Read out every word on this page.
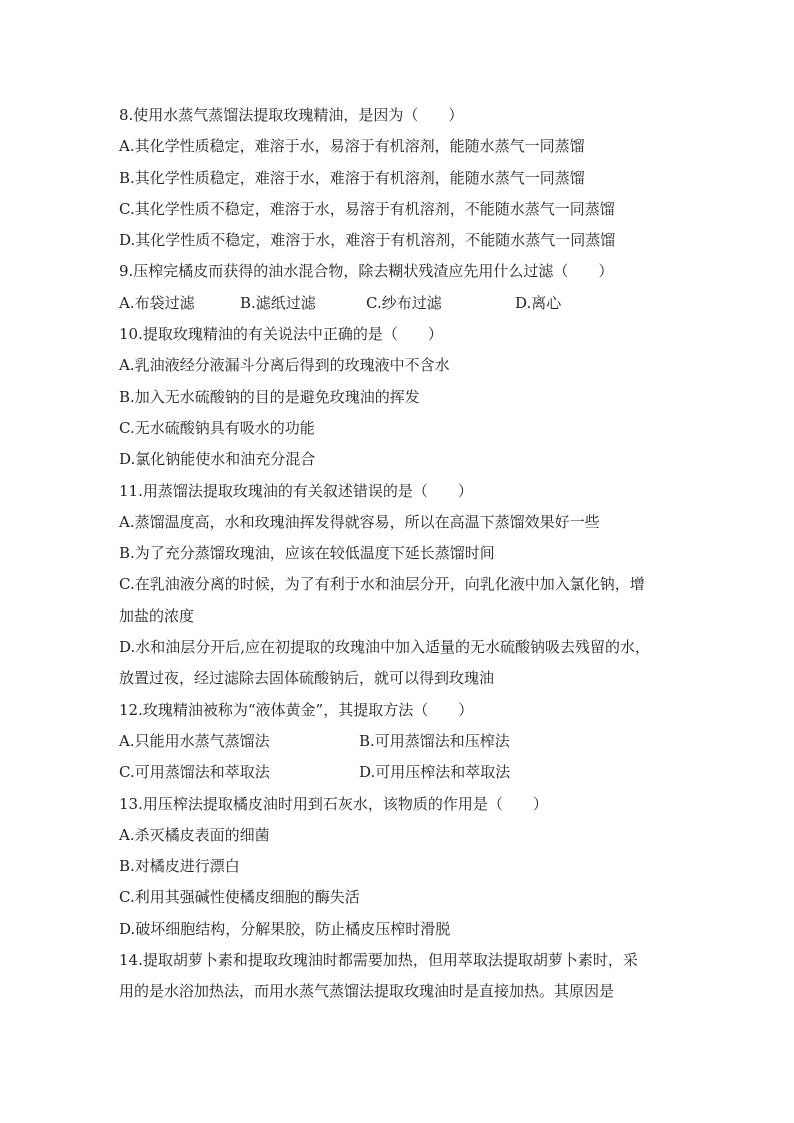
8.使用水蒸气蒸馏法提取玫瑰精油，是因为（　　）
A.其化学性质稳定，难溶于水，易溶于有机溶剂，能随水蒸气一同蒸馏
B.其化学性质稳定，难溶于水，难溶于有机溶剂，能随水蒸气一同蒸馏
C.其化学性质不稳定，难溶于水，易溶于有机溶剂，不能随水蒸气一同蒸馏
D.其化学性质不稳定，难溶于水，难溶于有机溶剂，不能随水蒸气一同蒸馏
9.压榨完橘皮而获得的油水混合物，除去糊状残渣应先用什么过滤（　　）
A.布袋过滤	B.滤纸过滤	C.纱布过滤	D.离心
10.提取玫瑰精油的有关说法中正确的是（　　）
A.乳油液经分液漏斗分离后得到的玫瑰液中不含水
B.加入无水硫酸钠的目的是避免玫瑰油的挥发
C.无水硫酸钠具有吸水的功能
D.氯化钠能使水和油充分混合
11.用蒸馏法提取玫瑰油的有关叙述错误的是（　　）
A.蒸馏温度高，水和玫瑰油挥发得就容易，所以在高温下蒸馏效果好一些
B.为了充分蒸馏玫瑰油，应该在较低温度下延长蒸馏时间
C.在乳油液分离的时候，为了有利于水和油层分开，向乳化液中加入氯化钠，增
加盐的浓度
D.水和油层分开后,应在初提取的玫瑰油中加入适量的无水硫酸钠吸去残留的水，
放置过夜，经过滤除去固体硫酸钠后，就可以得到玫瑰油
12.玫瑰精油被称为“液体黄金”，其提取方法（　　）
A.只能用水蒸气蒸馏法	B.可用蒸馏法和压榨法
C.可用蒸馏法和萃取法	D.可用压榨法和萃取法
13.用压榨法提取橘皮油时用到石灰水，该物质的作用是（　　）
A.杀灭橘皮表面的细菌
B.对橘皮进行漂白
C.利用其强碱性使橘皮细胞的酶失活
D.破坏细胞结构，分解果胶，防止橘皮压榨时滑脱
14.提取胡萝卜素和提取玫瑰油时都需要加热，但用萃取法提取胡萝卜素时，采
用的是水浴加热法，而用水蒸气蒸馏法提取玫瑰油时是直接加热。其原因是
